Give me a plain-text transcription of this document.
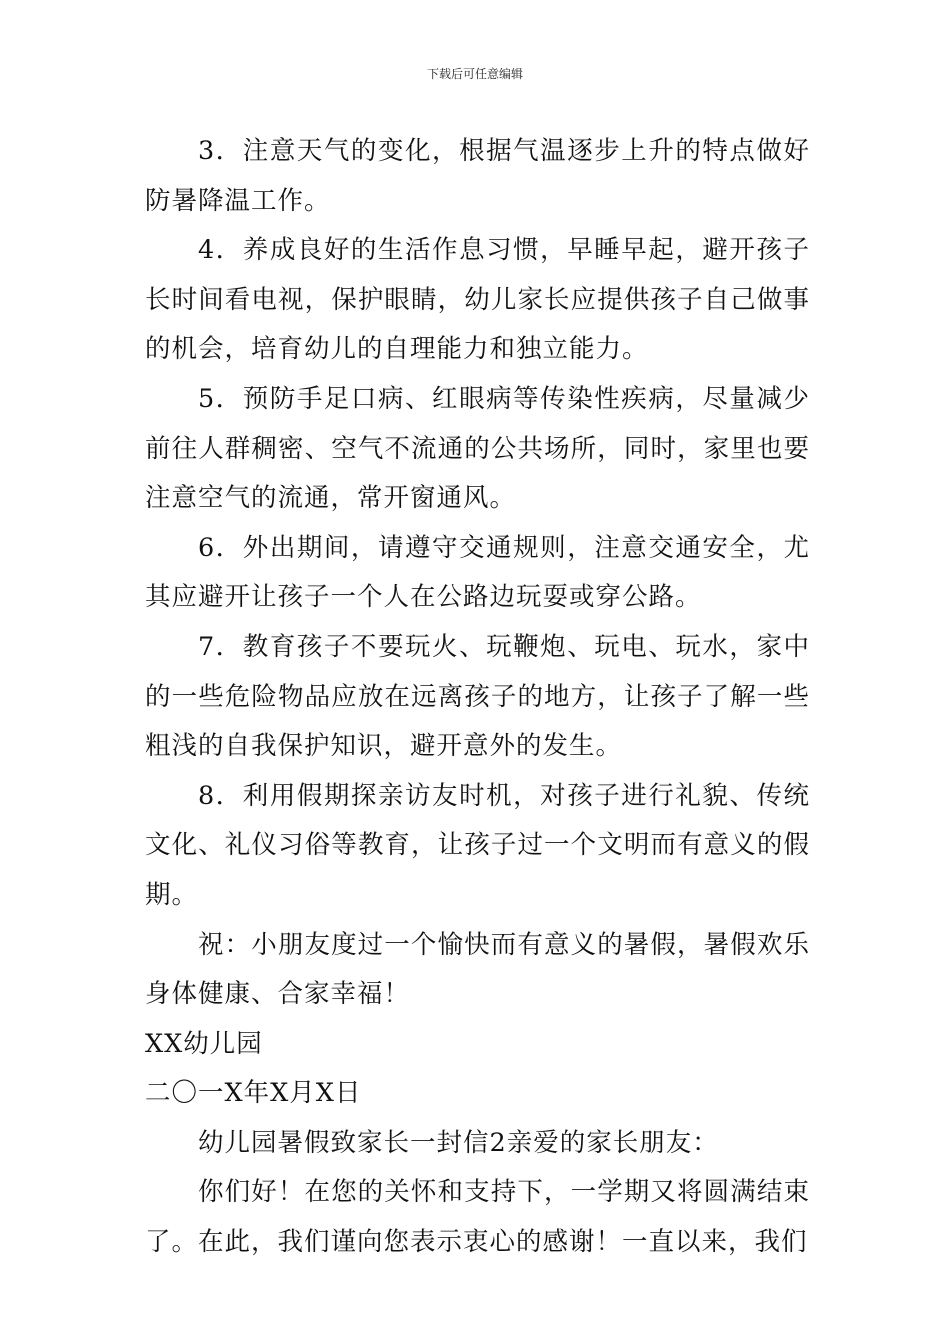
下载后可任意编辑

3．注意天气的变化，根据气温逐步上升的特点做好防暑降温工作。

4．养成良好的生活作息习惯，早睡早起，避开孩子长时间看电视，保护眼睛，幼儿家长应提供孩子自己做事的机会，培育幼儿的自理能力和独立能力。

5．预防手足口病、红眼病等传染性疾病，尽量减少前往人群稠密、空气不流通的公共场所，同时，家里也要注意空气的流通，常开窗通风。

6．外出期间，请遵守交通规则，注意交通安全，尤其应避开让孩子一个人在公路边玩耍或穿公路。

7．教育孩子不要玩火、玩鞭炮、玩电、玩水，家中的一些危险物品应放在远离孩子的地方，让孩子了解一些粗浅的自我保护知识，避开意外的发生。

8．利用假期探亲访友时机，对孩子进行礼貌、传统文化、礼仪习俗等教育，让孩子过一个文明而有意义的假期。

祝：小朋友度过一个愉快而有意义的暑假，暑假欢乐身体健康、合家幸福！

XX幼儿园

二〇一X年X月X日

幼儿园暑假致家长一封信2亲爱的家长朋友：

你们好！在您的关怀和支持下，一学期又将圆满结束了。在此，我们谨向您表示衷心的感谢！一直以来，我们
